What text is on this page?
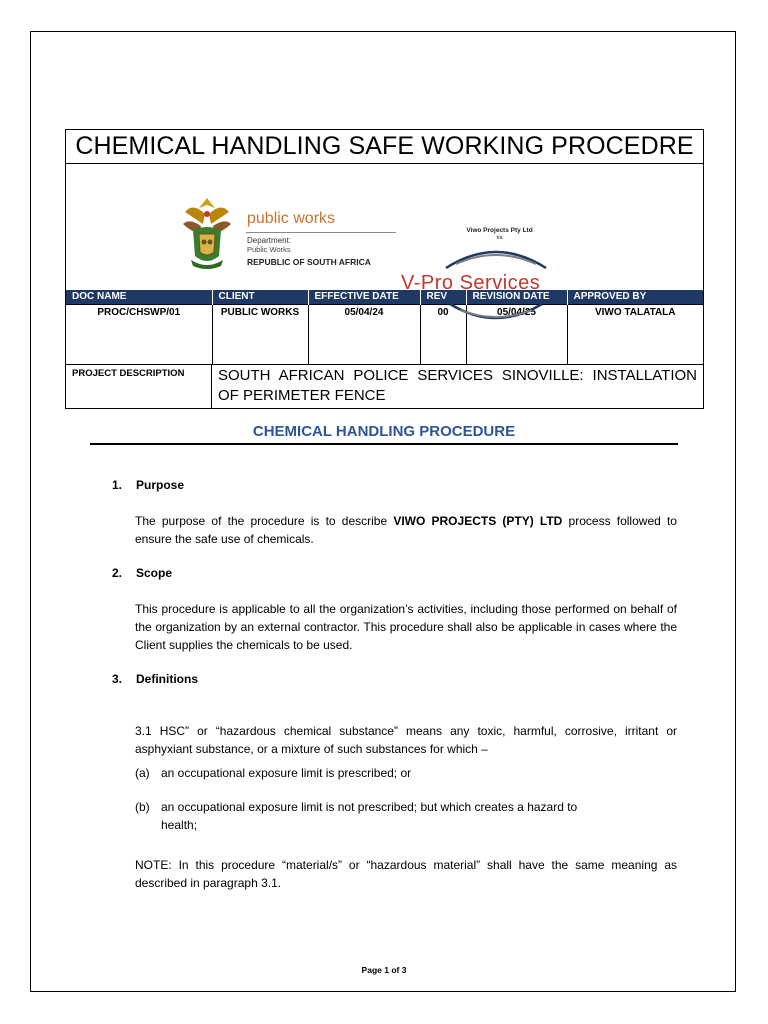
CHEMICAL HANDLING SAFE WORKING PROCEDRE
public works
Department:
Public Works
REPUBLIC OF SOUTH AFRICA
Viwo Projects Pty Ltd
t/a
V-Pro Services
DOC NAME	CLIENT	EFFECTIVE DATE	REV	REVISION DATE	APPROVED BY
PROC/CHSWP/01	PUBLIC WORKS	05/04/24	00	05/04/25	VIWO TALATALA
PROJECT DESCRIPTION	SOUTH AFRICAN POLICE SERVICES SINOVILLE: INSTALLATION OF PERIMETER FENCE
CHEMICAL HANDLING PROCEDURE
1. Purpose
The purpose of the procedure is to describe VIWO PROJECTS (PTY) LTD process followed to ensure the safe use of chemicals.
2. Scope
This procedure is applicable to all the organization’s activities, including those performed on behalf of the organization by an external contractor. This procedure shall also be applicable in cases where the Client supplies the chemicals to be used.
3. Definitions
3.1 HSC” or “hazardous chemical substance” means any toxic, harmful, corrosive, irritant or asphyxiant substance, or a mixture of such substances for which –
(a) an occupational exposure limit is prescribed; or
(b) an occupational exposure limit is not prescribed; but which creates a hazard to
health;
NOTE: In this procedure “material/s” or “hazardous material” shall have the same meaning as described in paragraph 3.1.
Page 1 of 3
